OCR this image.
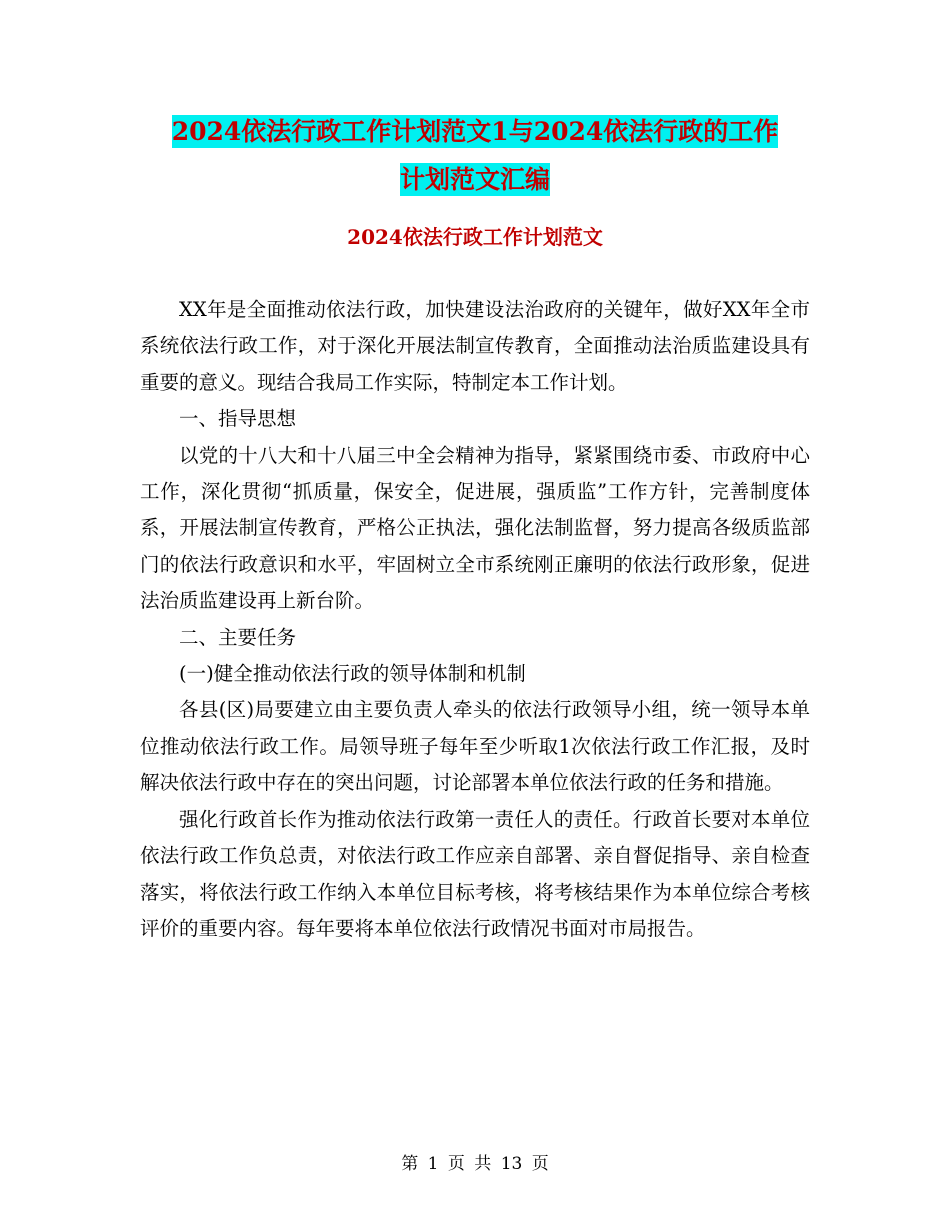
2024依法行政工作计划范文1与2024依法行政的工作
计划范文汇编
2024依法行政工作计划范文

XX年是全面推动依法行政，加快建设法治政府的关键年，做好XX年全市系统依法行政工作，对于深化开展法制宣传教育，全面推动法治质监建设具有重要的意义。现结合我局工作实际，特制定本工作计划。

一、指导思想

以党的十八大和十八届三中全会精神为指导，紧紧围绕市委、市政府中心工作，深化贯彻“抓质量，保安全，促进展，强质监”工作方针，完善制度体系，开展法制宣传教育，严格公正执法，强化法制监督，努力提高各级质监部门的依法行政意识和水平，牢固树立全市系统刚正廉明的依法行政形象，促进法治质监建设再上新台阶。

二、主要任务

(一)健全推动依法行政的领导体制和机制

各县(区)局要建立由主要负责人牵头的依法行政领导小组，统一领导本单位推动依法行政工作。局领导班子每年至少听取1次依法行政工作汇报，及时解决依法行政中存在的突出问题，讨论部署本单位依法行政的任务和措施。

强化行政首长作为推动依法行政第一责任人的责任。行政首长要对本单位依法行政工作负总责，对依法行政工作应亲自部署、亲自督促指导、亲自检查落实，将依法行政工作纳入本单位目标考核，将考核结果作为本单位综合考核评价的重要内容。每年要将本单位依法行政情况书面对市局报告。

第 1 页 共 13 页
